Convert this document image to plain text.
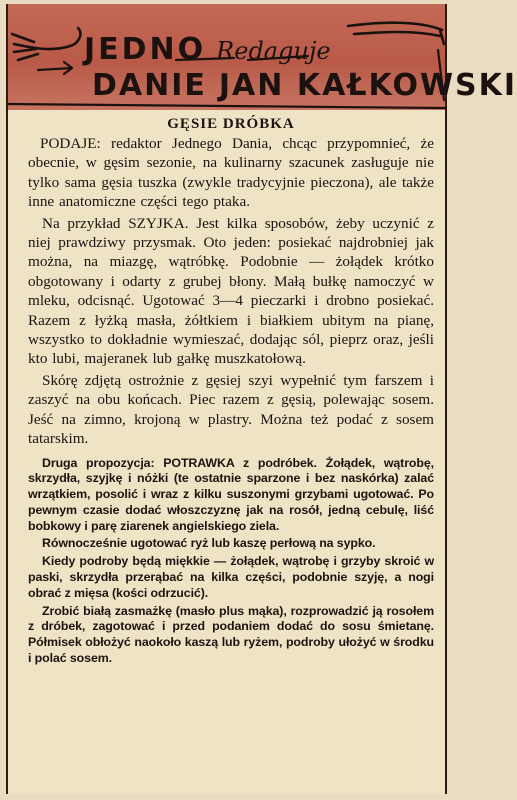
JEDNO Redaguje
DANIE JAN KAŁKOWSKI
GĘSIE DRÓBKA

PODAJE: redaktor Jednego Dania, chcąc przypomnieć, że obecnie, w gęsim sezonie, na kulinarny szacunek zasługuje nie tylko sama gęsia tuszka (zwykle tradycyjnie pieczona), ale także inne anatomiczne części tego ptaka.

Na przykład SZYJKA. Jest kilka sposobów, żeby uczynić z niej prawdziwy przysmak. Oto jeden: posiekać najdrobniej jak można, na miazgę, wątróbkę. Podobnie — żołądek krótko obgotowany i odarty z grubej błony. Małą bułkę namoczyć w mleku, odcisnąć. Ugotować 3—4 pieczarki i drobno posiekać. Razem z łyżką masła, żółtkiem i białkiem ubitym na pianę, wszystko to dokładnie wymieszać, dodając sól, pieprz oraz, jeśli kto lubi, majeranek lub gałkę muszkatołową.

Skórę zdjętą ostrożnie z gęsiej szyi wypełnić tym farszem i zaszyć na obu końcach. Piec razem z gęsią, polewając sosem. Jeść na zimno, krojoną w plastry. Można też podać z sosem tatarskim.

Druga propozycja: POTRAWKA z podróbek. Żołądek, wątrobę, skrzydła, szyjkę i nóżki (te ostatnie sparzone i bez naskórka) zalać wrzątkiem, posolić i wraz z kilku suszonymi grzybami ugotować. Po pewnym czasie dodać włoszczyznę jak na rosół, jedną cebulę, liść bobkowy i parę ziarenek angielskiego ziela.

Równocześnie ugotować ryż lub kaszę perłową na sypko.

Kiedy podroby będą miękkie — żołądek, wątrobę i grzyby skroić w paski, skrzydła przerąbać na kilka części, podobnie szyję, a nogi obrać z mięsa (kości odrzucić).

Zrobić białą zasmażkę (masło plus mąka), rozprowadzić ją rosołem z dróbek, zagotować i przed podaniem dodać do sosu śmietanę. Półmisek obłożyć naokoło kaszą lub ryżem, podroby ułożyć w środku i polać sosem.
